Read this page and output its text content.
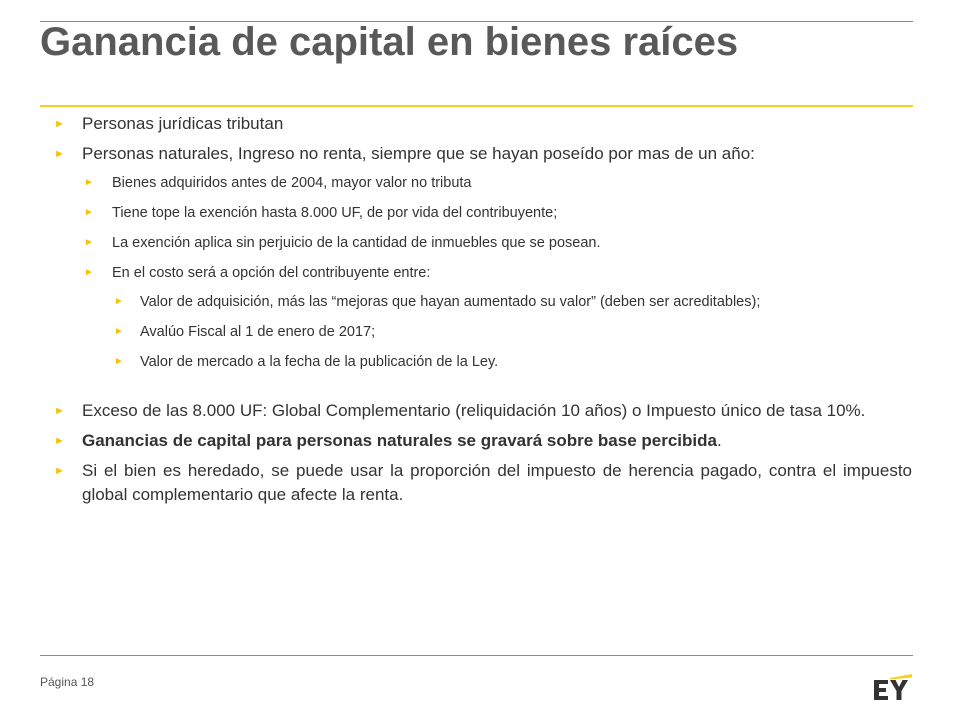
Ganancia de capital en bienes raíces
► Personas jurídicas tributan
► Personas naturales, Ingreso no renta, siempre que se hayan poseído por mas de un año:
► Bienes adquiridos antes de 2004, mayor valor no tributa
► Tiene tope la exención hasta 8.000 UF, de por vida del contribuyente;
► La exención aplica sin perjuicio de la cantidad de inmuebles que se posean.
► En el costo será a opción del contribuyente entre:
► Valor de adquisición, más las “mejoras que hayan aumentado su valor” (deben ser acreditables);
► Avalúo Fiscal al 1 de enero de 2017;
► Valor de mercado a la fecha de la publicación de la Ley.
► Exceso de las 8.000 UF: Global Complementario (reliquidación 10 años) o Impuesto único de tasa 10%.
► Ganancias de capital para personas naturales se gravará sobre base percibida.
► Si el bien es heredado, se puede usar la proporción del impuesto de herencia pagado, contra el impuesto global complementario que afecte la renta.
Página 18
